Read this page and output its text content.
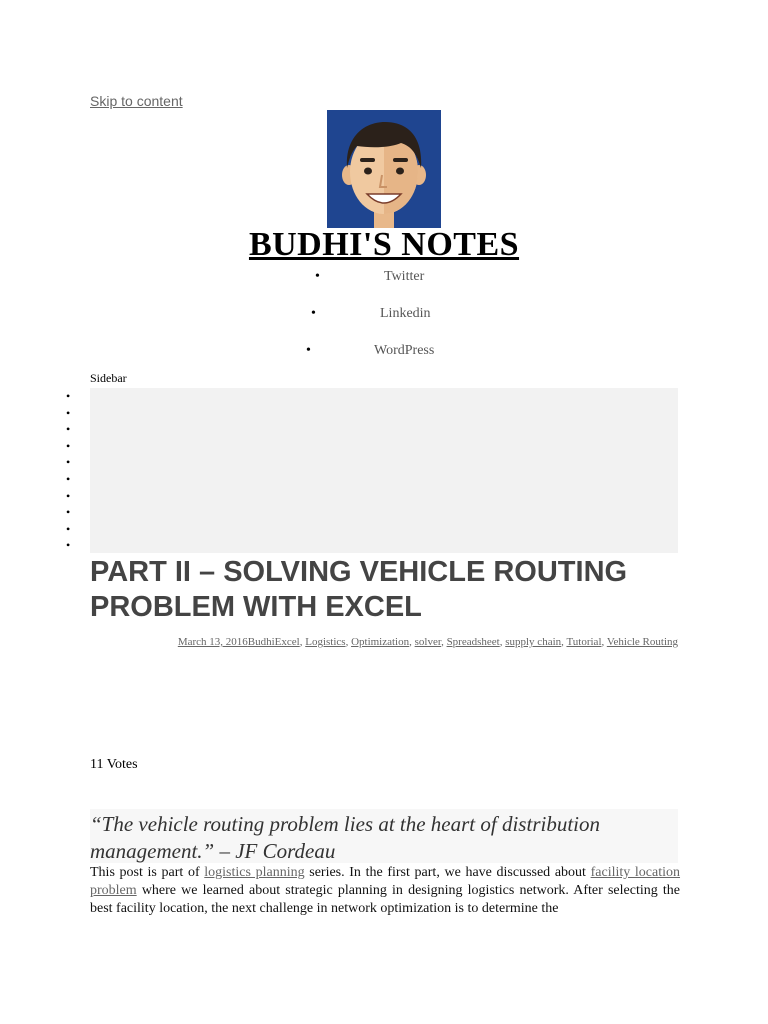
Skip to content
BUDHI'S NOTES
•	Twitter
•	Linkedin
•	WordPress
Sidebar
•
•
•
•
•
•
•
•
•
•
PART II – SOLVING VEHICLE ROUTING PROBLEM WITH EXCEL
March 13, 2016BudhiExcel, Logistics, Optimization, solver, Spreadsheet, supply chain, Tutorial, Vehicle Routing
11 Votes
“The vehicle routing problem lies at the heart of distribution management.” – JF Cordeau
This post is part of logistics planning series. In the first part, we have discussed about facility location problem where we learned about strategic planning in designing logistics network. After selecting the best facility location, the next challenge in network optimization is to determine the
